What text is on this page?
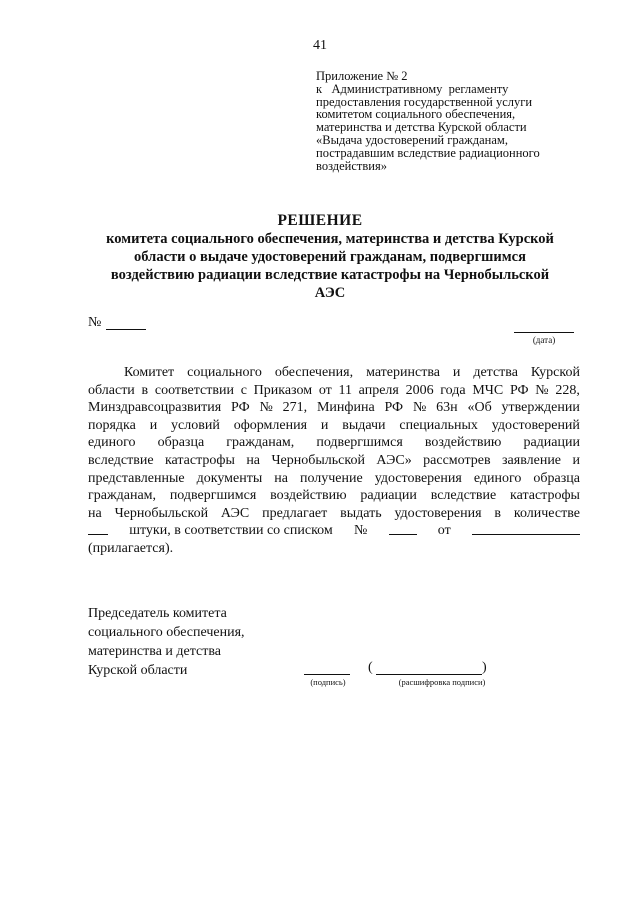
41
Приложение № 2
к   Административному  регламенту
предоставления государственной услуги
комитетом социального обеспечения,
материнства и детства Курской области
«Выдача удостоверений гражданам,
пострадавшим вследствие радиационного
воздействия»
РЕШЕНИЕ
комитета социального обеспечения, материнства и детства Курской
области о выдаче удостоверений гражданам, подвергшимся
воздействию радиации вследствие катастрофы на Чернобыльской
АЭС
№
(дата)
Комитет социального обеспечения, материнства и детства Курской
области в соответствии с Приказом от 11 апреля 2006 года МЧС РФ № 228,
Минздравсоцразвития РФ № 271, Минфина РФ № 63н «Об утверждении
порядка и условий оформления и выдачи специальных удостоверений
единого образца гражданам, подвергшимся воздействию радиации
вследствие катастрофы на Чернобыльской АЭС» рассмотрев заявление и
представленные документы на получение удостоверения единого образца
гражданам, подвергшимся воздействию радиации вследствие катастрофы
на Чернобыльской АЭС предлагает выдать удостоверения в количестве
штуки, в соответствии со списком №	от
(прилагается).
Председатель комитета
социального обеспечения,
материнства и детства
Курской области
(подпись)
(	)
(расшифровка подписи)
